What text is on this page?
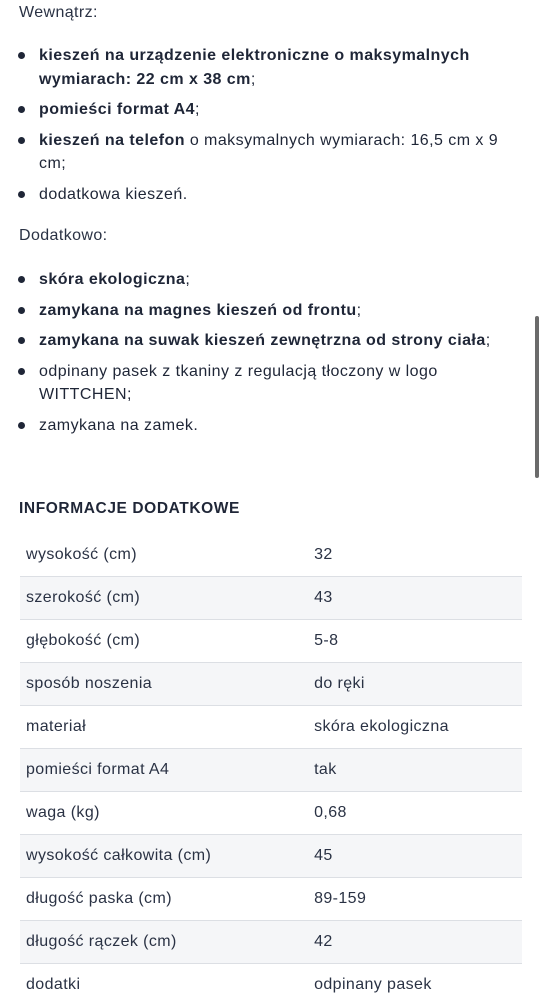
Wewnątrz:
kieszeń na urządzenie elektroniczne o maksymalnych wymiarach: 22 cm x 38 cm;
pomieści format A4;
kieszeń na telefon o maksymalnych wymiarach: 16,5 cm x 9 cm;
dodatkowa kieszeń.
Dodatkowo:
skóra ekologiczna;
zamykana na magnes kieszeń od frontu;
zamykana na suwak kieszeń zewnętrzna od strony ciała;
odpinany pasek z tkaniny z regulacją tłoczony w logo WITTCHEN;
zamykana na zamek.
INFORMACJE DODATKOWE
wysokość (cm)	32
szerokość (cm)	43
głębokość (cm)	5-8
sposób noszenia	do ręki
materiał	skóra ekologiczna
pomieści format A4	tak
waga (kg)	0,68
wysokość całkowita (cm)	45
długość paska (cm)	89-159
długość rączek (cm)	42
dodatki	odpinany pasek
